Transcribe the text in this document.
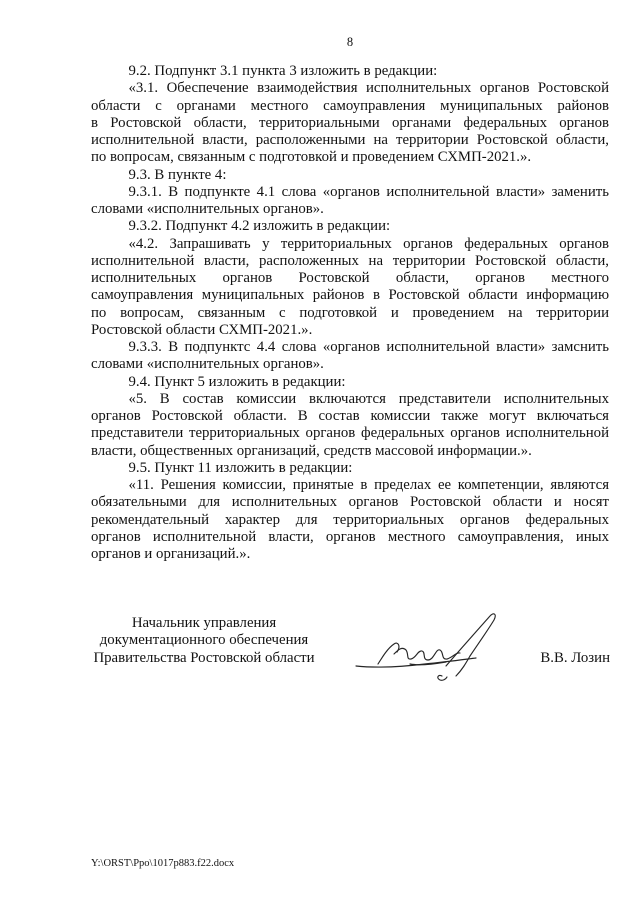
8
9.2. Подпункт 3.1 пункта 3 изложить в редакции:
«3.1. Обеспечение взаимодействия исполнительных органов Ростовской
области с органами местного самоуправления муниципальных районов
в Ростовской области, территориальными органами федеральных органов
исполнительной власти, расположенными на территории Ростовской области,
по вопросам, связанным с подготовкой и проведением СХМП-2021.».
9.3. В пункте 4:
9.3.1. В подпункте 4.1 слова «органов исполнительной власти» заменить
словами «исполнительных органов».
9.3.2. Подпункт 4.2 изложить в редакции:
«4.2. Запрашивать у территориальных органов федеральных органов
исполнительной власти, расположенных на территории Ростовской области,
исполнительных органов Ростовской области, органов местного
самоуправления муниципальных районов в Ростовской области информацию
по вопросам, связанным с подготовкой и проведением на территории
Ростовской области СХМП-2021.».
9.3.3. В подпунктс 4.4 слова «органов исполнительной власти» замснить
словами «исполнительных органов».
9.4. Пункт 5 изложить в редакции:
«5. В состав комиссии включаются представители исполнительных
органов Ростовской области. В состав комиссии также могут включаться
представители территориальных органов федеральных органов исполнительной
власти, общественных организаций, средств массовой информации.».
9.5. Пункт 11 изложить в редакции:
«11. Решения комиссии, принятые в пределах ее компетенции, являются
обязательными для исполнительных органов Ростовской области и носят
рекомендательный характер для территориальных органов федеральных
органов исполнительной власти, органов местного самоуправления, иных
органов и организаций.».
Начальник управления
документационного обеспечения
Правительства Ростовской области	В.В. Лозин
Y:\ORST\Ppo\1017p883.f22.docx
